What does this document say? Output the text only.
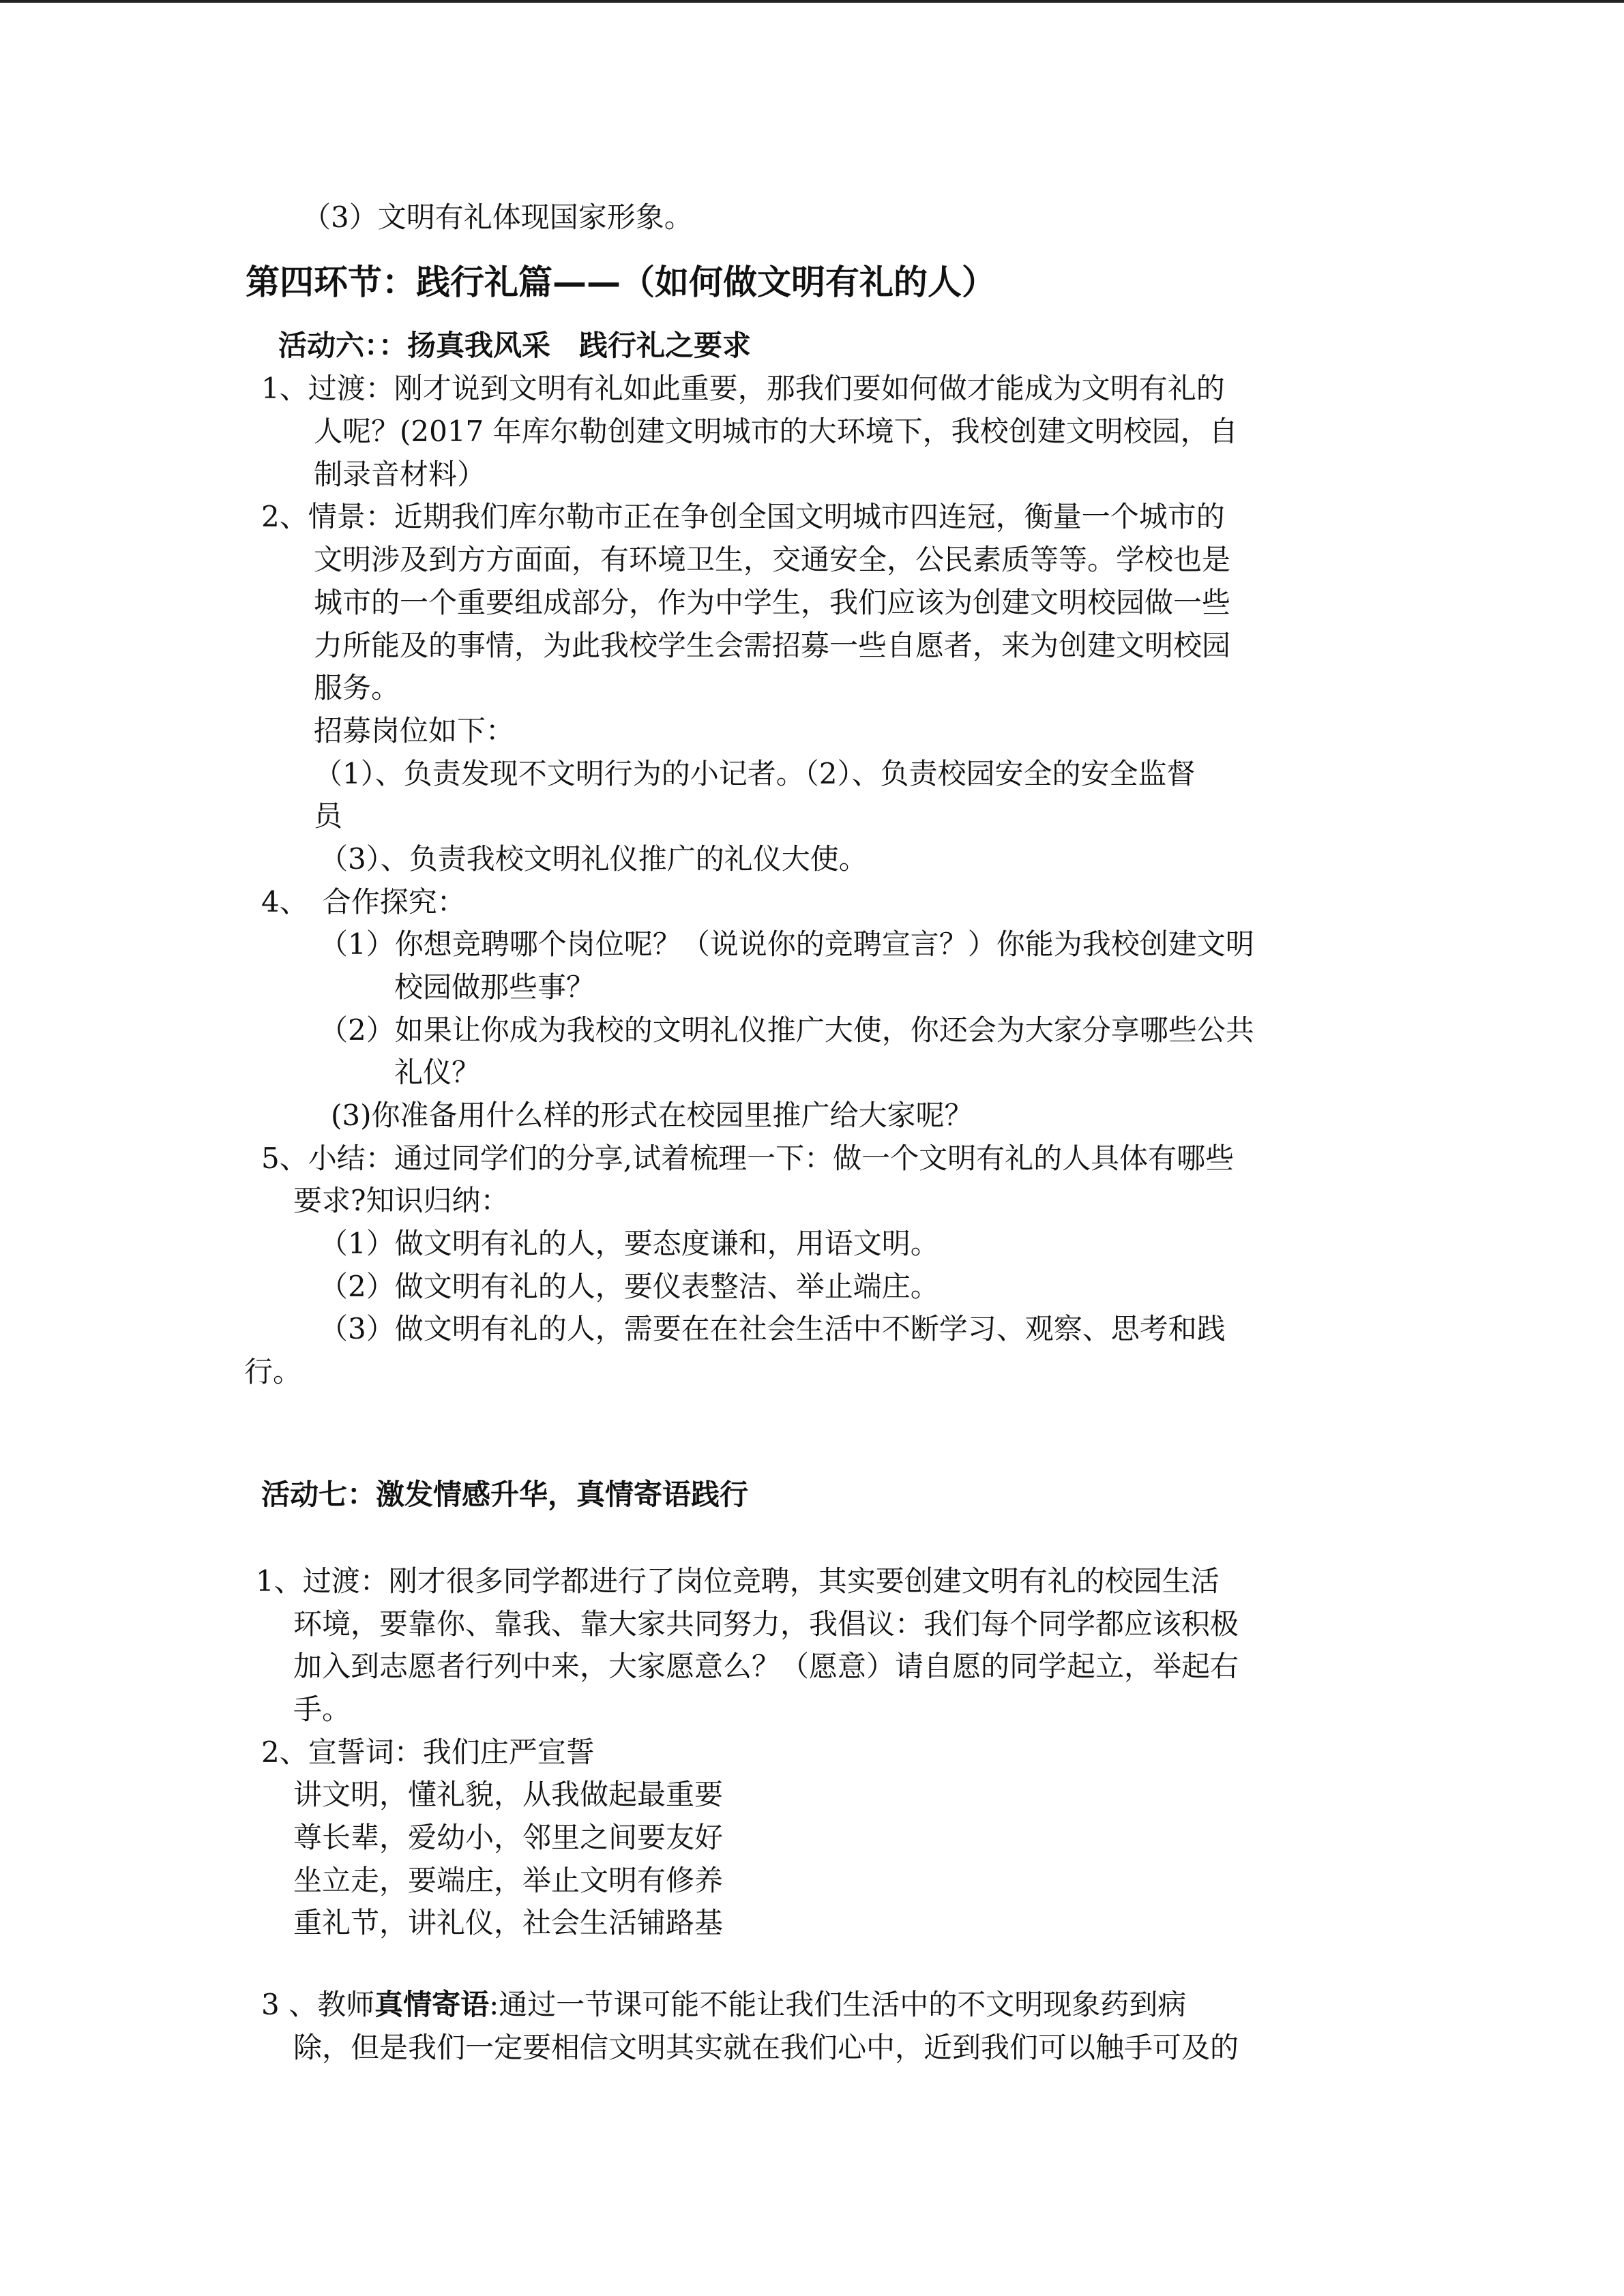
（3）文明有礼体现国家形象。

第四环节：践行礼篇——（如何做文明有礼的人）

活动六：：扬真我风采　践行礼之要求

1、过渡：刚才说到文明有礼如此重要，那我们要如何做才能成为文明有礼的

人呢？(2017 年库尔勒创建文明城市的大环境下，我校创建文明校园，自

制录音材料）

2、情景：近期我们库尔勒市正在争创全国文明城市四连冠，衡量一个城市的

文明涉及到方方面面，有环境卫生，交通安全，公民素质等等。学校也是

城市的一个重要组成部分，作为中学生，我们应该为创建文明校园做一些

力所能及的事情，为此我校学生会需招募一些自愿者，来为创建文明校园

服务。

招募岗位如下：

（1）、负责发现不文明行为的小记者。（2）、负责校园安全的安全监督

员

（3）、负责我校文明礼仪推广的礼仪大使。

4、　合作探究：

（1）你想竞聘哪个岗位呢？（说说你的竞聘宣言？）你能为我校创建文明

校园做那些事？

（2）如果让你成为我校的文明礼仪推广大使，你还会为大家分享哪些公共

礼仪？

(3)你准备用什么样的形式在校园里推广给大家呢？

5、小结：通过同学们的分享,试着梳理一下：做一个文明有礼的人具体有哪些

要求?知识归纳：

（1）做文明有礼的人，要态度谦和，用语文明。

（2）做文明有礼的人，要仪表整洁、举止端庄。

（3）做文明有礼的人，需要在在社会生活中不断学习、观察、思考和践

行。

活动七：激发情感升华，真情寄语践行

1、过渡：刚才很多同学都进行了岗位竞聘，其实要创建文明有礼的校园生活

环境，要靠你、靠我、靠大家共同努力，我倡议：我们每个同学都应该积极

加入到志愿者行列中来，大家愿意么？（愿意）请自愿的同学起立，举起右

手。

2、宣誓词：我们庄严宣誓

讲文明，懂礼貌，从我做起最重要

尊长辈，爱幼小，邻里之间要友好

坐立走，要端庄，举止文明有修养

重礼节，讲礼仪，社会生活铺路基

3 、教师真情寄语:通过一节课可能不能让我们生活中的不文明现象药到病

除，但是我们一定要相信文明其实就在我们心中，近到我们可以触手可及的
